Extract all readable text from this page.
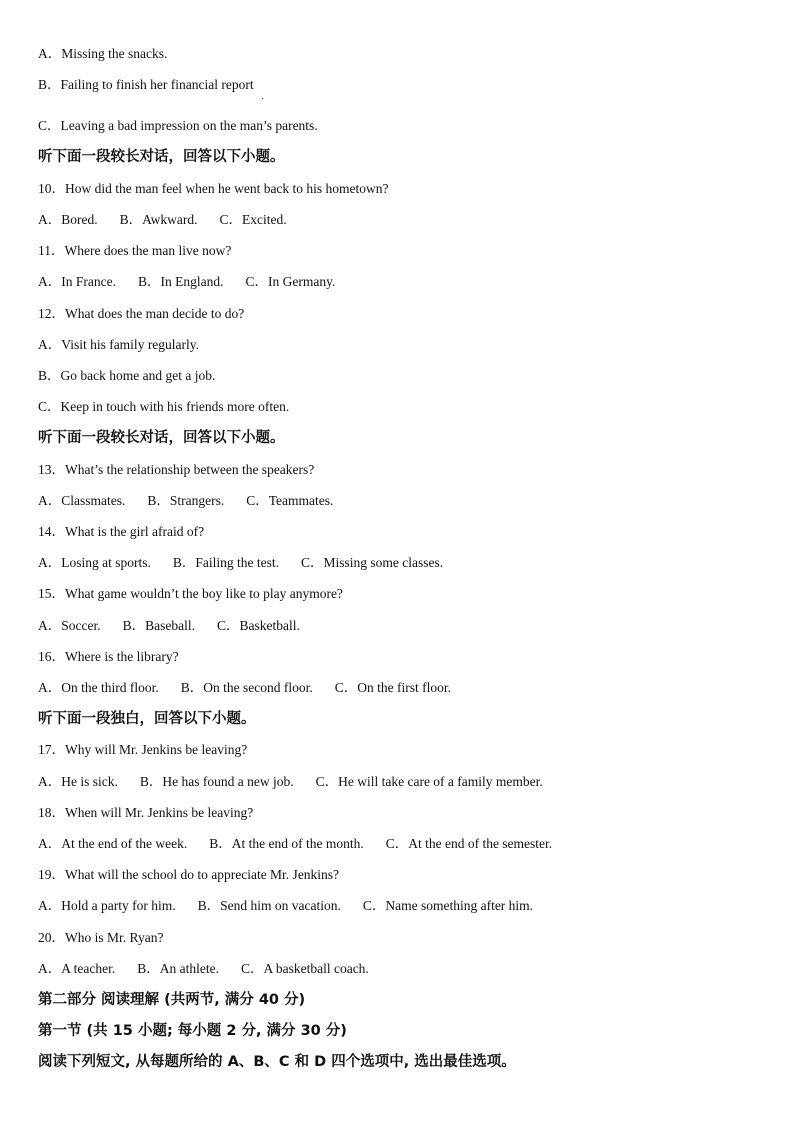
A．Missing the snacks.
B．Failing to finish her financial report
C．Leaving a bad impression on the man’s parents.
听下面一段较长对话，回答以下小题。
10．How did the man feel when he went back to his hometown?
A．Bored. B．Awkward. C．Excited.
11．Where does the man live now?
A．In France. B．In England. C．In Germany.
12．What does the man decide to do?
A．Visit his family regularly.
B．Go back home and get a job.
C．Keep in touch with his friends more often.
听下面一段较长对话，回答以下小题。
13．What’s the relationship between the speakers?
A．Classmates. B．Strangers. C．Teammates.
14．What is the girl afraid of?
A．Losing at sports. B．Failing the test. C．Missing some classes.
15．What game wouldn’t the boy like to play anymore?
A．Soccer. B．Baseball. C．Basketball.
16．Where is the library?
A．On the third floor. B．On the second floor. C．On the first floor.
听下面一段独白，回答以下小题。
17．Why will Mr. Jenkins be leaving?
A．He is sick. B．He has found a new job. C．He will take care of a family member.
18．When will Mr. Jenkins be leaving?
A．At the end of the week. B．At the end of the month. C．At the end of the semester.
19．What will the school do to appreciate Mr. Jenkins?
A．Hold a party for him. B．Send him on vacation. C．Name something after him.
20．Who is Mr. Ryan?
A．A teacher. B．An athlete. C．A basketball coach.
第二部分 阅读理解 (共两节, 满分 40 分)
第一节 (共 15 小题; 每小题 2 分, 满分 30 分)
阅读下列短文, 从每题所给的 A、B、C 和 D 四个选项中, 选出最佳选项。
